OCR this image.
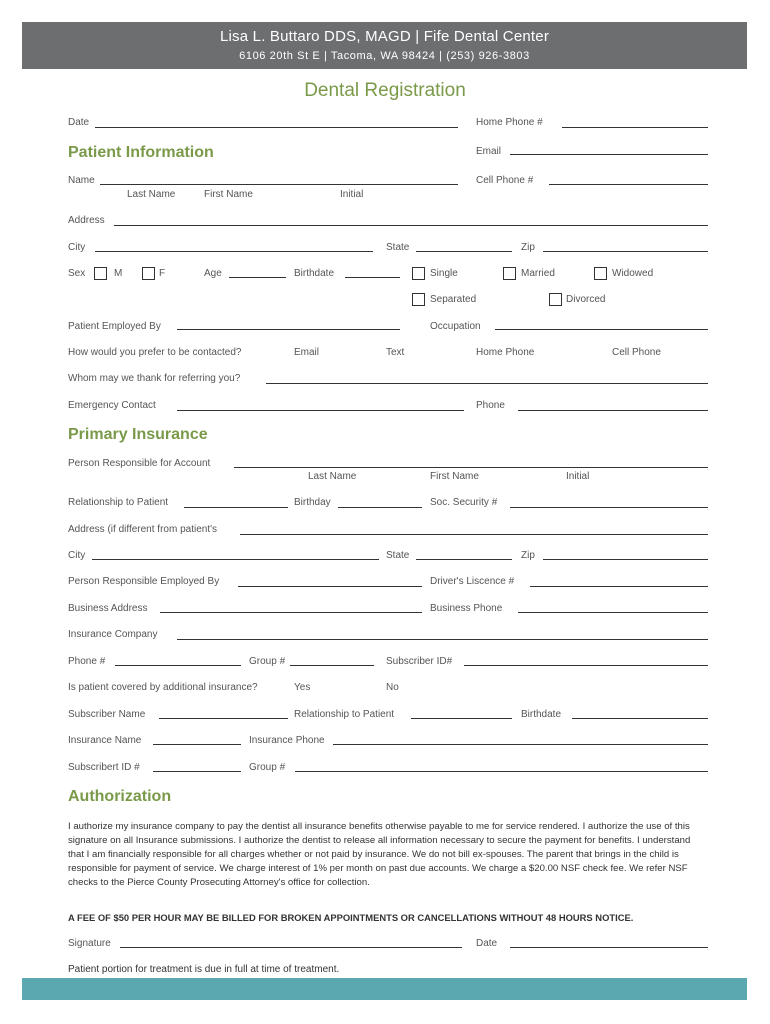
Lisa L. Buttaro DDS, MAGD | Fife Dental Center
6106 20th St E | Tacoma, WA 98424 | (253) 926-3803
Dental Registration
Date	Home Phone #
Patient Information	Email
Name	Cell Phone #
Last Name	First Name	Initial
Address
City	State	Zip
Sex	M	F	Age	Birthdate	Single	Married	Widowed
Separated	Divorced
Patient Employed By	Occupation
How would you prefer to be contacted?	Email	Text	Home Phone	Cell Phone
Whom may we thank for referring you?
Emergency Contact	Phone
Primary Insurance
Person Responsible for Account
Last Name	First Name	Initial
Relationship to Patient	Birthday	Soc. Security #
Address (if different from patient's
City	State	Zip
Person Responsible Employed By	Driver's Liscence #
Business Address	Business Phone
Insurance Company
Phone #	Group #	Subscriber ID#
Is patient covered by additional insurance?	Yes	No
Subscriber Name	Relationship to Patient	Birthdate
Insurance Name	Insurance Phone
Subscribert ID #	Group #
Authorization

I authorize my insurance company to pay the dentist all insurance benefits otherwise payable to me for service rendered. I authorize the use of this signature on all Insurance submissions. I authorize the dentist to release all information necessary to secure the payment for benefits. I understand that I am financially responsible for all charges whether or not paid by insurance. We do not bill ex-spouses. The parent that brings in the child is responsible for payment of service. We charge interest of 1% per month on past due accounts. We charge a $20.00 NSF check fee. We refer NSF checks to the Pierce County Prosecuting Attorney's office for collection.

A FEE OF $50 PER HOUR MAY BE BILLED FOR BROKEN APPOINTMENTS OR CANCELLATIONS WITHOUT 48 HOURS NOTICE.
Signature	Date
Patient portion for treatment is due in full at time of treatment.
